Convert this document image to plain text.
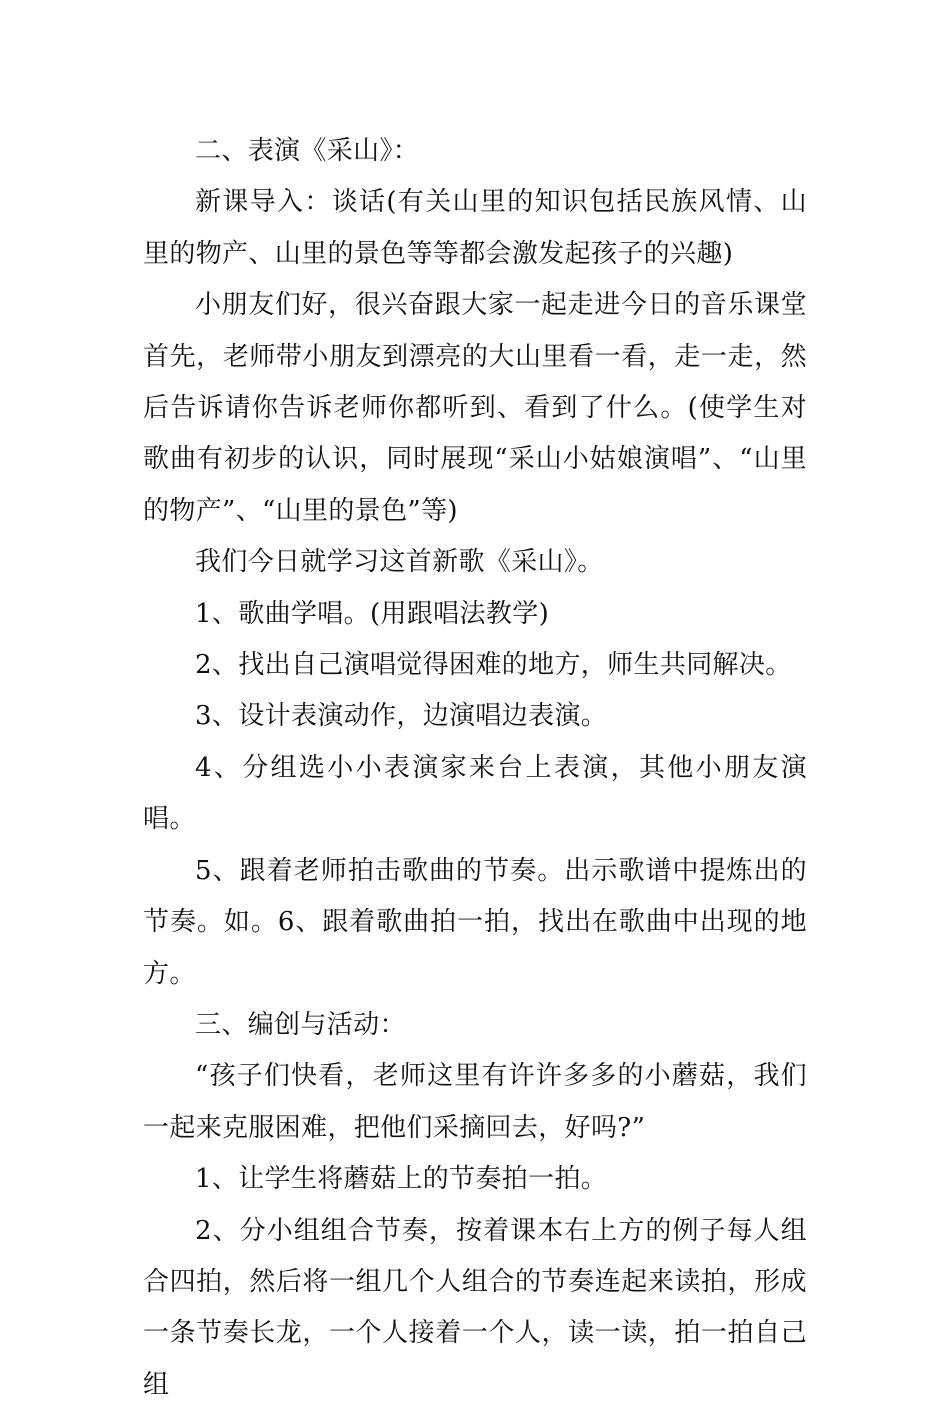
二、表演《采山》：

新课导入：谈话(有关山里的知识包括民族风情、山里的物产、山里的景色等等都会激发起孩子的兴趣)

小朋友们好，很兴奋跟大家一起走进今日的音乐课堂首先，老师带小朋友到漂亮的大山里看一看，走一走，然后告诉请你告诉老师你都听到、看到了什么。(使学生对歌曲有初步的认识，同时展现“采山小姑娘演唱”、“山里的物产”、“山里的景色”等)

我们今日就学习这首新歌《采山》。

1、歌曲学唱。(用跟唱法教学)

2、找出自己演唱觉得困难的地方，师生共同解决。

3、设计表演动作，边演唱边表演。

4、分组选小小表演家来台上表演，其他小朋友演唱。

5、跟着老师拍击歌曲的节奏。出示歌谱中提炼出的节奏。如。6、跟着歌曲拍一拍，找出在歌曲中出现的地方。

三、编创与活动：

“孩子们快看，老师这里有许许多多的小蘑菇，我们一起来克服困难，把他们采摘回去，好吗?”

1、让学生将蘑菇上的节奏拍一拍。

2、分小组组合节奏，按着课本右上方的例子每人组合四拍，然后将一组几个人组合的节奏连起来读拍，形成一条节奏长龙，一个人接着一个人，读一读，拍一拍自己组
